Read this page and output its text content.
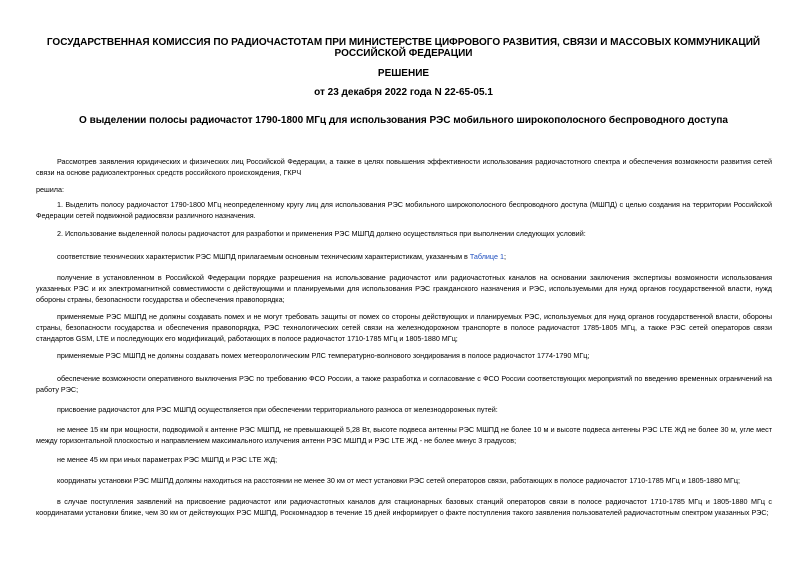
ГОСУДАРСТВЕННАЯ КОМИССИЯ ПО РАДИОЧАСТОТАМ ПРИ МИНИСТЕРСТВЕ ЦИФРОВОГО РАЗВИТИЯ, СВЯЗИ И МАССОВЫХ КОММУНИКАЦИЙ РОССИЙСКОЙ ФЕДЕРАЦИИ
РЕШЕНИЕ
от 23 декабря 2022 года N 22-65-05.1
О выделении полосы радиочастот 1790-1800 МГц для использования РЭС мобильного широкополосного беспроводного доступа
Рассмотрев заявления юридических и физических лиц Российской Федерации, а также в целях повышения эффективности использования радиочастотного спектра и обеспечения возможности развития сетей связи на основе радиоэлектронных средств российского происхождения, ГКРЧ
решила:
1. Выделить полосу радиочастот 1790-1800 МГц неопределенному кругу лиц для использования РЭС мобильного широкополосного беспроводного доступа (МШПД) с целью создания на территории Российской Федерации сетей подвижной радиосвязи различного назначения.
2. Использование выделенной полосы радиочастот для разработки и применения РЭС МШПД должно осуществляться при выполнении следующих условий:
соответствие технических характеристик РЭС МШПД прилагаемым основным техническим характеристикам, указанным в Таблице 1;
получение в установленном в Российской Федерации порядке разрешения на использование радиочастот или радиочастотных каналов на основании заключения экспертизы возможности использования указанных РЭС и их электромагнитной совместимости с действующими и планируемыми для использования РЭС гражданского назначения и РЭС, используемыми для нужд органов государственной власти, нужд обороны страны, безопасности государства и обеспечения правопорядка;
применяемые РЭС МШПД не должны создавать помех и не могут требовать защиты от помех со стороны действующих и планируемых РЭС, используемых для нужд органов государственной власти, обороны страны, безопасности государства и обеспечения правопорядка, РЭС технологических сетей связи на железнодорожном транспорте в полосе радиочастот 1785-1805 МГц, а также РЭС сетей операторов связи стандартов GSM, LTE и последующих его модификаций, работающих в полосе радиочастот 1710-1785 МГц и 1805-1880 МГц;
применяемые РЭС МШПД не должны создавать помех метеорологическим РЛС температурно-волнового зондирования в полосе радиочастот 1774-1790 МГц;
обеспечение возможности оперативного выключения РЭС по требованию ФСО России, а также разработка и согласование с ФСО России соответствующих мероприятий по введению временных ограничений на работу РЭС;
присвоение радиочастот для РЭС МШПД осуществляется при обеспечении территориального разноса от железнодорожных путей:
не менее 15 км при мощности, подводимой к антенне РЭС МШПД, не превышающей 5,28 Вт, высоте подвеса антенны РЭС МШПД не более 10 м и высоте подвеса антенны РЭС LTE ЖД не более 30 м, угле мест между горизонтальной плоскостью и направлением максимального излучения антенн РЭС МШПД и РЭС LTE ЖД - не более минус 3 градусов;
не менее 45 км при иных параметрах РЭС МШПД и РЭС LTE ЖД;
координаты установки РЭС МШПД должны находиться на расстоянии не менее 30 км от мест установки РЭС сетей операторов связи, работающих в полосе радиочастот 1710-1785 МГц и 1805-1880 МГц;
в случае поступления заявлений на присвоение радиочастот или радиочастотных каналов для стационарных базовых станций операторов связи в полосе радиочастот 1710-1785 МГц и 1805-1880 МГц с координатами установки ближе, чем 30 км от действующих РЭС МШПД, Роскомнадзор в течение 15 дней информирует о факте поступления такого заявления пользователей радиочастотным спектром указанных РЭС;
